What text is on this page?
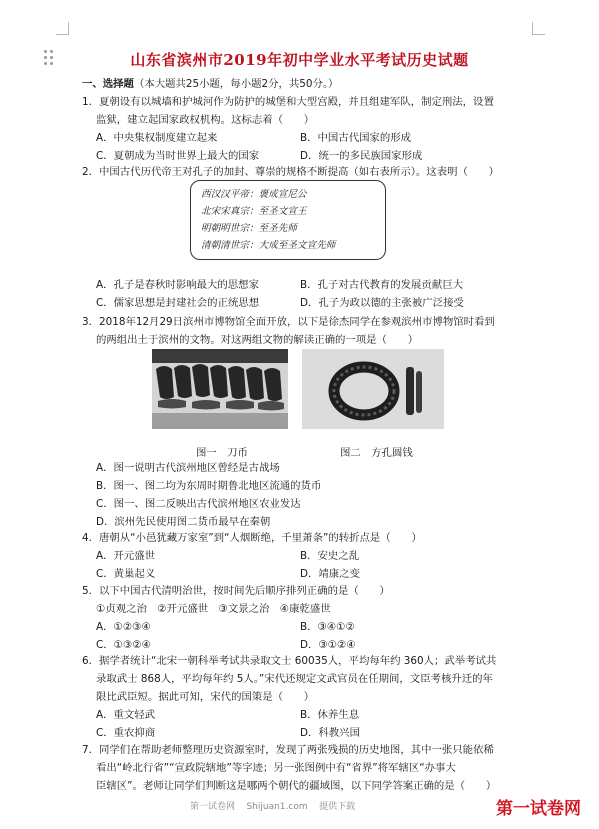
山东省滨州市2019年初中学业水平考试历史试题
一、选择题（本大题共25小题，每小题2分，共50分。）
1．夏朝设有以城墙和护城河作为防护的城堡和大型宫殿，并且组建军队，制定刑法，设置
监狱，建立起国家政权机构。这标志着（　　）
A．中央集权制度建立起来	B．中国古代国家的形成
C．夏朝成为当时世界上最大的国家	D．统一的多民族国家形成
2．中国古代历代帝王对孔子的加封、尊崇的规格不断提高（如右表所示）。这表明（　　）
西汉汉平帝：褒成宣尼公
北宋宋真宗：至圣文宣王
明朝明世宗：至圣先师
清朝清世宗：大成至圣文宣先师
A．孔子是春秋时影响最大的思想家	B．孔子对古代教育的发展贡献巨大
C．儒家思想是封建社会的正统思想	D．孔子为政以德的主张被广泛接受
3．2018年12月29日滨州市博物馆全面开放，以下是徐杰同学在参观滨州市博物馆时看到
的两组出土于滨州的文物。对这两组文物的解读正确的一项是（　　）
图一　刀币	图二　方孔圆钱
A．图一说明古代滨州地区曾经是古战场
B．图一、图二均为东周时期鲁北地区流通的货币
C．图一、图二反映出古代滨州地区农业发达
D．滨州先民使用图二货币最早在秦朝
4．唐朝从“小邑犹藏万家室”到“人烟断绝，千里萧条”的转折点是（　　）
A．开元盛世	B．安史之乱
C．黄巢起义	D．靖康之变
5．以下中国古代清明治世，按时间先后顺序排列正确的是（　　）
①贞观之治　②开元盛世　③文景之治　④康乾盛世
A．①②③④	B．③④①②
C．①③②④	D．③①②④
6．据学者统计“北宋一朝科举考试共录取文士 60035人，平均每年约 360人；武举考试共
录取武士 868人，平均每年约 5人。”宋代还规定文武官员在任期间，文臣考核升迁的年
限比武臣短。据此可知，宋代的国策是（　　）
A．重文轻武	B．休养生息
C．重农抑商	D．科教兴国
7．同学们在帮助老师整理历史资源室时，发现了两张残损的历史地图，其中一张只能依稀
看出“岭北行省”“宣政院辖地”等字迹；另一张图例中有“省界”将军辖区“办事大
臣辖区”。老师让同学们判断这是哪两个朝代的疆域图，以下同学答案正确的是（　　）
第一试卷网 Shijuan1.com 提供下载	第一试卷网
